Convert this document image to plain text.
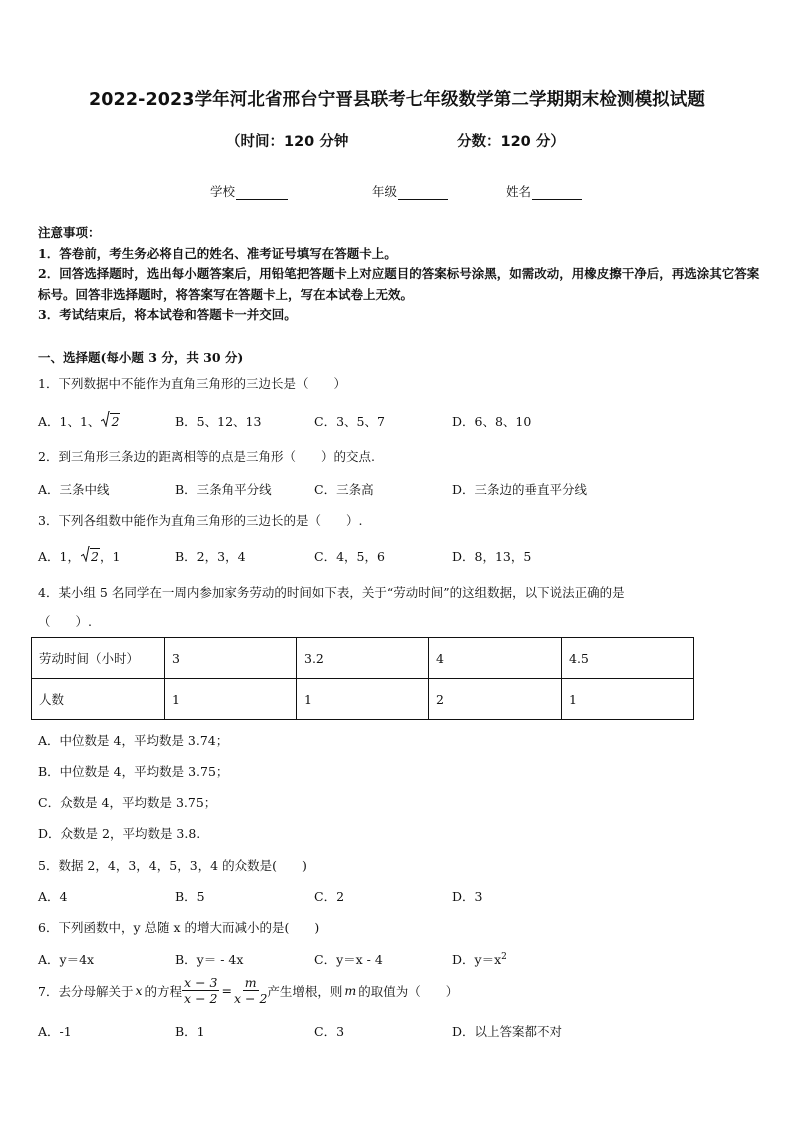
2022-2023学年河北省邢台宁晋县联考七年级数学第二学期期末检测模拟试题
（时间：120 分钟	分数：120 分）
学校	年级	姓名
注意事项：
1．答卷前，考生务必将自己的姓名、准考证号填写在答题卡上。
2．回答选择题时，选出每小题答案后，用铅笔把答题卡上对应题目的答案标号涂黑，如需改动，用橡皮擦干净后，再选涂其它答案标号。回答非选择题时，将答案写在答题卡上，写在本试卷上无效。
3．考试结束后，将本试卷和答题卡一并交回。
一、选择题(每小题 3 分，共 30 分)
1．下列数据中不能作为直角三角形的三边长是（　　）
A．1、1、 2	B．5、12、13	C．3、5、7	D．6、8、10
2．到三角形三条边的距离相等的点是三角形（　　）的交点.
A．三条中线	B．三条角平分线	C．三条高	D．三条边的垂直平分线
3．下列各组数中能作为直角三角形的三边长的是（　　）.
A．1， 2，1	B．2，3，4	C．4，5，6	D．8，13，5
4．某小组 5 名同学在一周内参加家务劳动的时间如下表，关于“劳动时间”的这组数据，以下说法正确的是
（　　）.
劳动时间（小时）	3	3.2	4	4.5
人数	1	1	2	1
A．中位数是 4，平均数是 3.74；
B．中位数是 4，平均数是 3.75；
C．众数是 4，平均数是 3.75；
D．众数是 2，平均数是 3.8.
5．数据 2，4，3，4，5，3，4 的众数是(　　)
A．4	B．5	C．2	D．3
6．下列函数中，y 总随 x 的增大而减小的是(　　)
A．y＝4x	B．y＝ - 4x	C．y＝x - 4	D．$y=x^2$
7．去分母解关于 x 的方程 $\frac{x - 3}{x - 2} = \frac{m}{x - 2}$ 产生增根，则 m 的取值为（　　）
A．-1	B．1	C．3	D．以上答案都不对
